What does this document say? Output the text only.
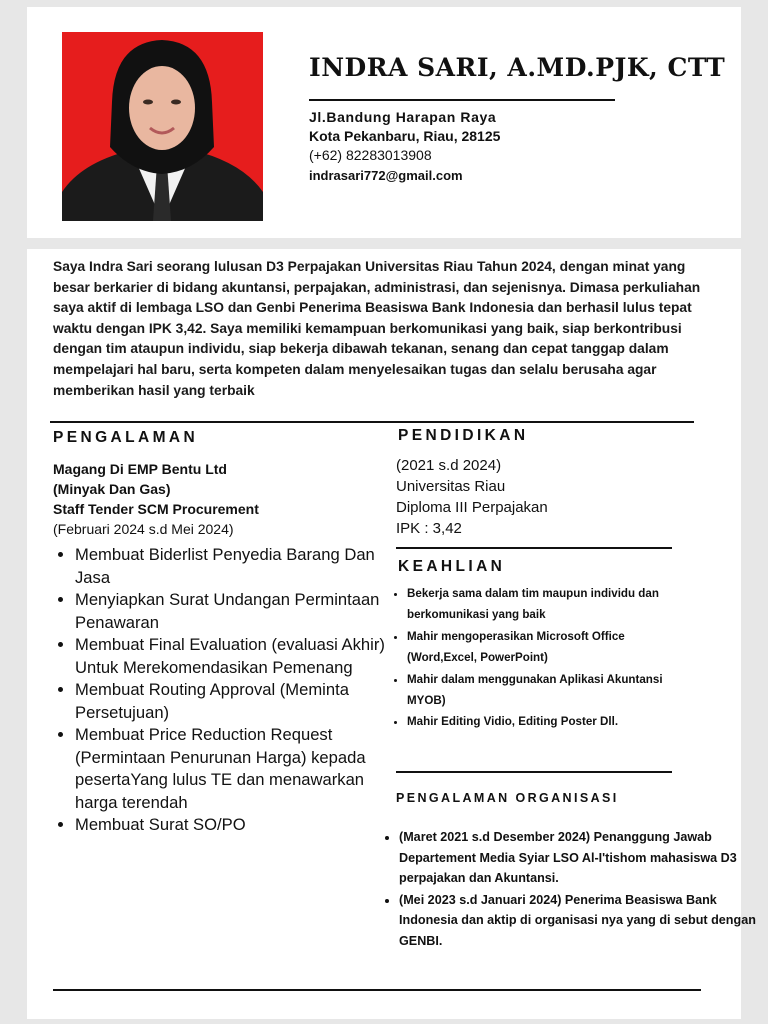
INDRA SARI, A.MD.PJK, CTT

Jl.Bandung Harapan Raya

Kota Pekanbaru, Riau, 28125

(+62) 82283013908

indrasari772@gmail.com

Saya Indra Sari seorang lulusan D3 Perpajakan Universitas Riau Tahun 2024, dengan minat yang besar berkarier di bidang akuntansi, perpajakan, administrasi, dan sejenisnya. Dimasa perkuliahan saya aktif di lembaga LSO dan Genbi Penerima Beasiswa Bank Indonesia dan berhasil lulus tepat waktu dengan IPK 3,42. Saya memiliki kemampuan berkomunikasi yang baik, siap berkontribusi dengan tim ataupun individu, siap bekerja dibawah tekanan, senang dan cepat tanggap dalam mempelajari hal baru, serta kompeten dalam menyelesaikan tugas dan selalu berusaha agar memberikan hasil yang terbaik

PENGALAMAN
Magang Di EMP Bentu Ltd
(Minyak Dan Gas)
Staff Tender SCM Procurement
(Februari 2024 s.d Mei 2024)
• Membuat Biderlist Penyedia Barang Dan Jasa
• Menyiapkan Surat Undangan Permintaan Penawaran
• Membuat Final Evaluation (evaluasi Akhir) Untuk Merekomendasikan Pemenang
• Membuat Routing Approval (Meminta Persetujuan)
• Membuat Price Reduction Request (Permintaan Penurunan Harga) kepada pesertaYang lulus TE dan menawarkan harga terendah
• Membuat Surat SO/PO
PENDIDIKAN
(2021 s.d 2024)
Universitas Riau
Diploma III Perpajakan
IPK : 3,42
KEAHLIAN
• Bekerja sama dalam tim maupun individu dan berkomunikasi yang baik
• Mahir mengoperasikan Microsoft Office (Word,Excel, PowerPoint)
• Mahir dalam menggunakan Aplikasi Akuntansi MYOB)
• Mahir Editing Vidio, Editing Poster Dll.
PENGALAMAN ORGANISASI
• (Maret 2021 s.d Desember 2024) Penanggung Jawab Departement Media Syiar LSO Al-I'tishom mahasiswa D3 perpajakan dan Akuntansi.
• (Mei 2023 s.d Januari 2024) Penerima Beasiswa Bank Indonesia dan aktip di organisasi nya yang di sebut dengan GENBI.
